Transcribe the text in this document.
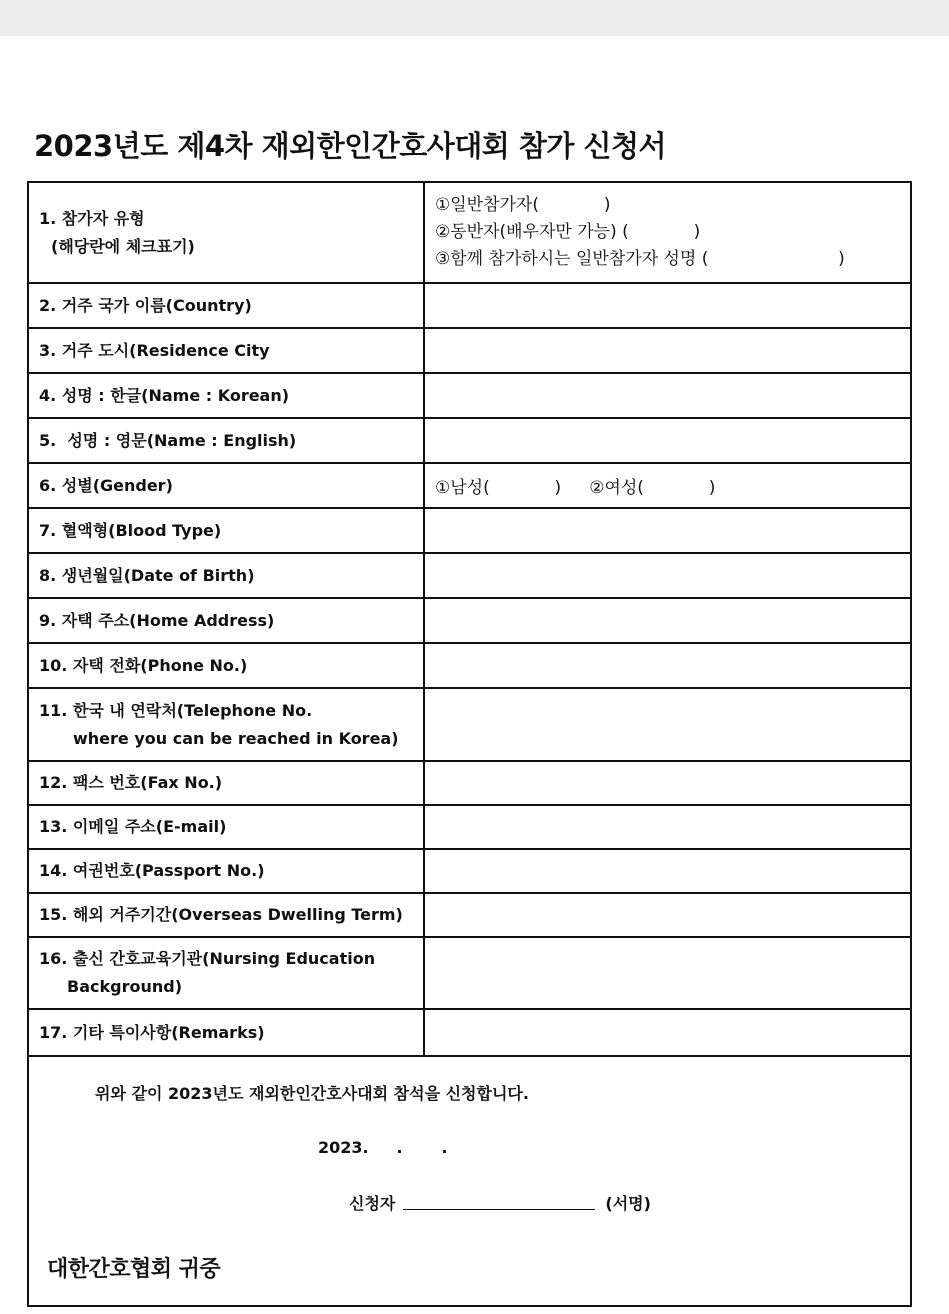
2023년도 제4차 재외한인간호사대회 참가 신청서
1. 참가자 유형
(해당란에 체크표기)
①일반참가자(            )
②동반자(배우자만 가능) (            )
③함께 참가하시는 일반참가자 성명 (                        )
2. 거주 국가 이름(Country)
3. 거주 도시(Residence City
4. 성명 : 한글(Name : Korean)
5.  성명 : 영문(Name : English)
6. 성별(Gender)	①남성(            ) ②여성(            )
7. 혈액형(Blood Type)
8. 생년월일(Date of Birth)
9. 자택 주소(Home Address)
10. 자택 전화(Phone No.)
11. 한국 내 연락처(Telephone No.
where you can be reached in Korea)
12. 팩스 번호(Fax No.)
13. 이메일 주소(E-mail)
14. 여권번호(Passport No.)
15. 해외 거주기간(Overseas Dwelling Term)
16. 출신 간호교육기관(Nursing Education
Background)
17. 기타 특이사항(Remarks)
위와 같이 2023년도 재외한인간호사대회 참석을 신청합니다.
2023.     .       .
신청자	(서명)
대한간호협회 귀중
